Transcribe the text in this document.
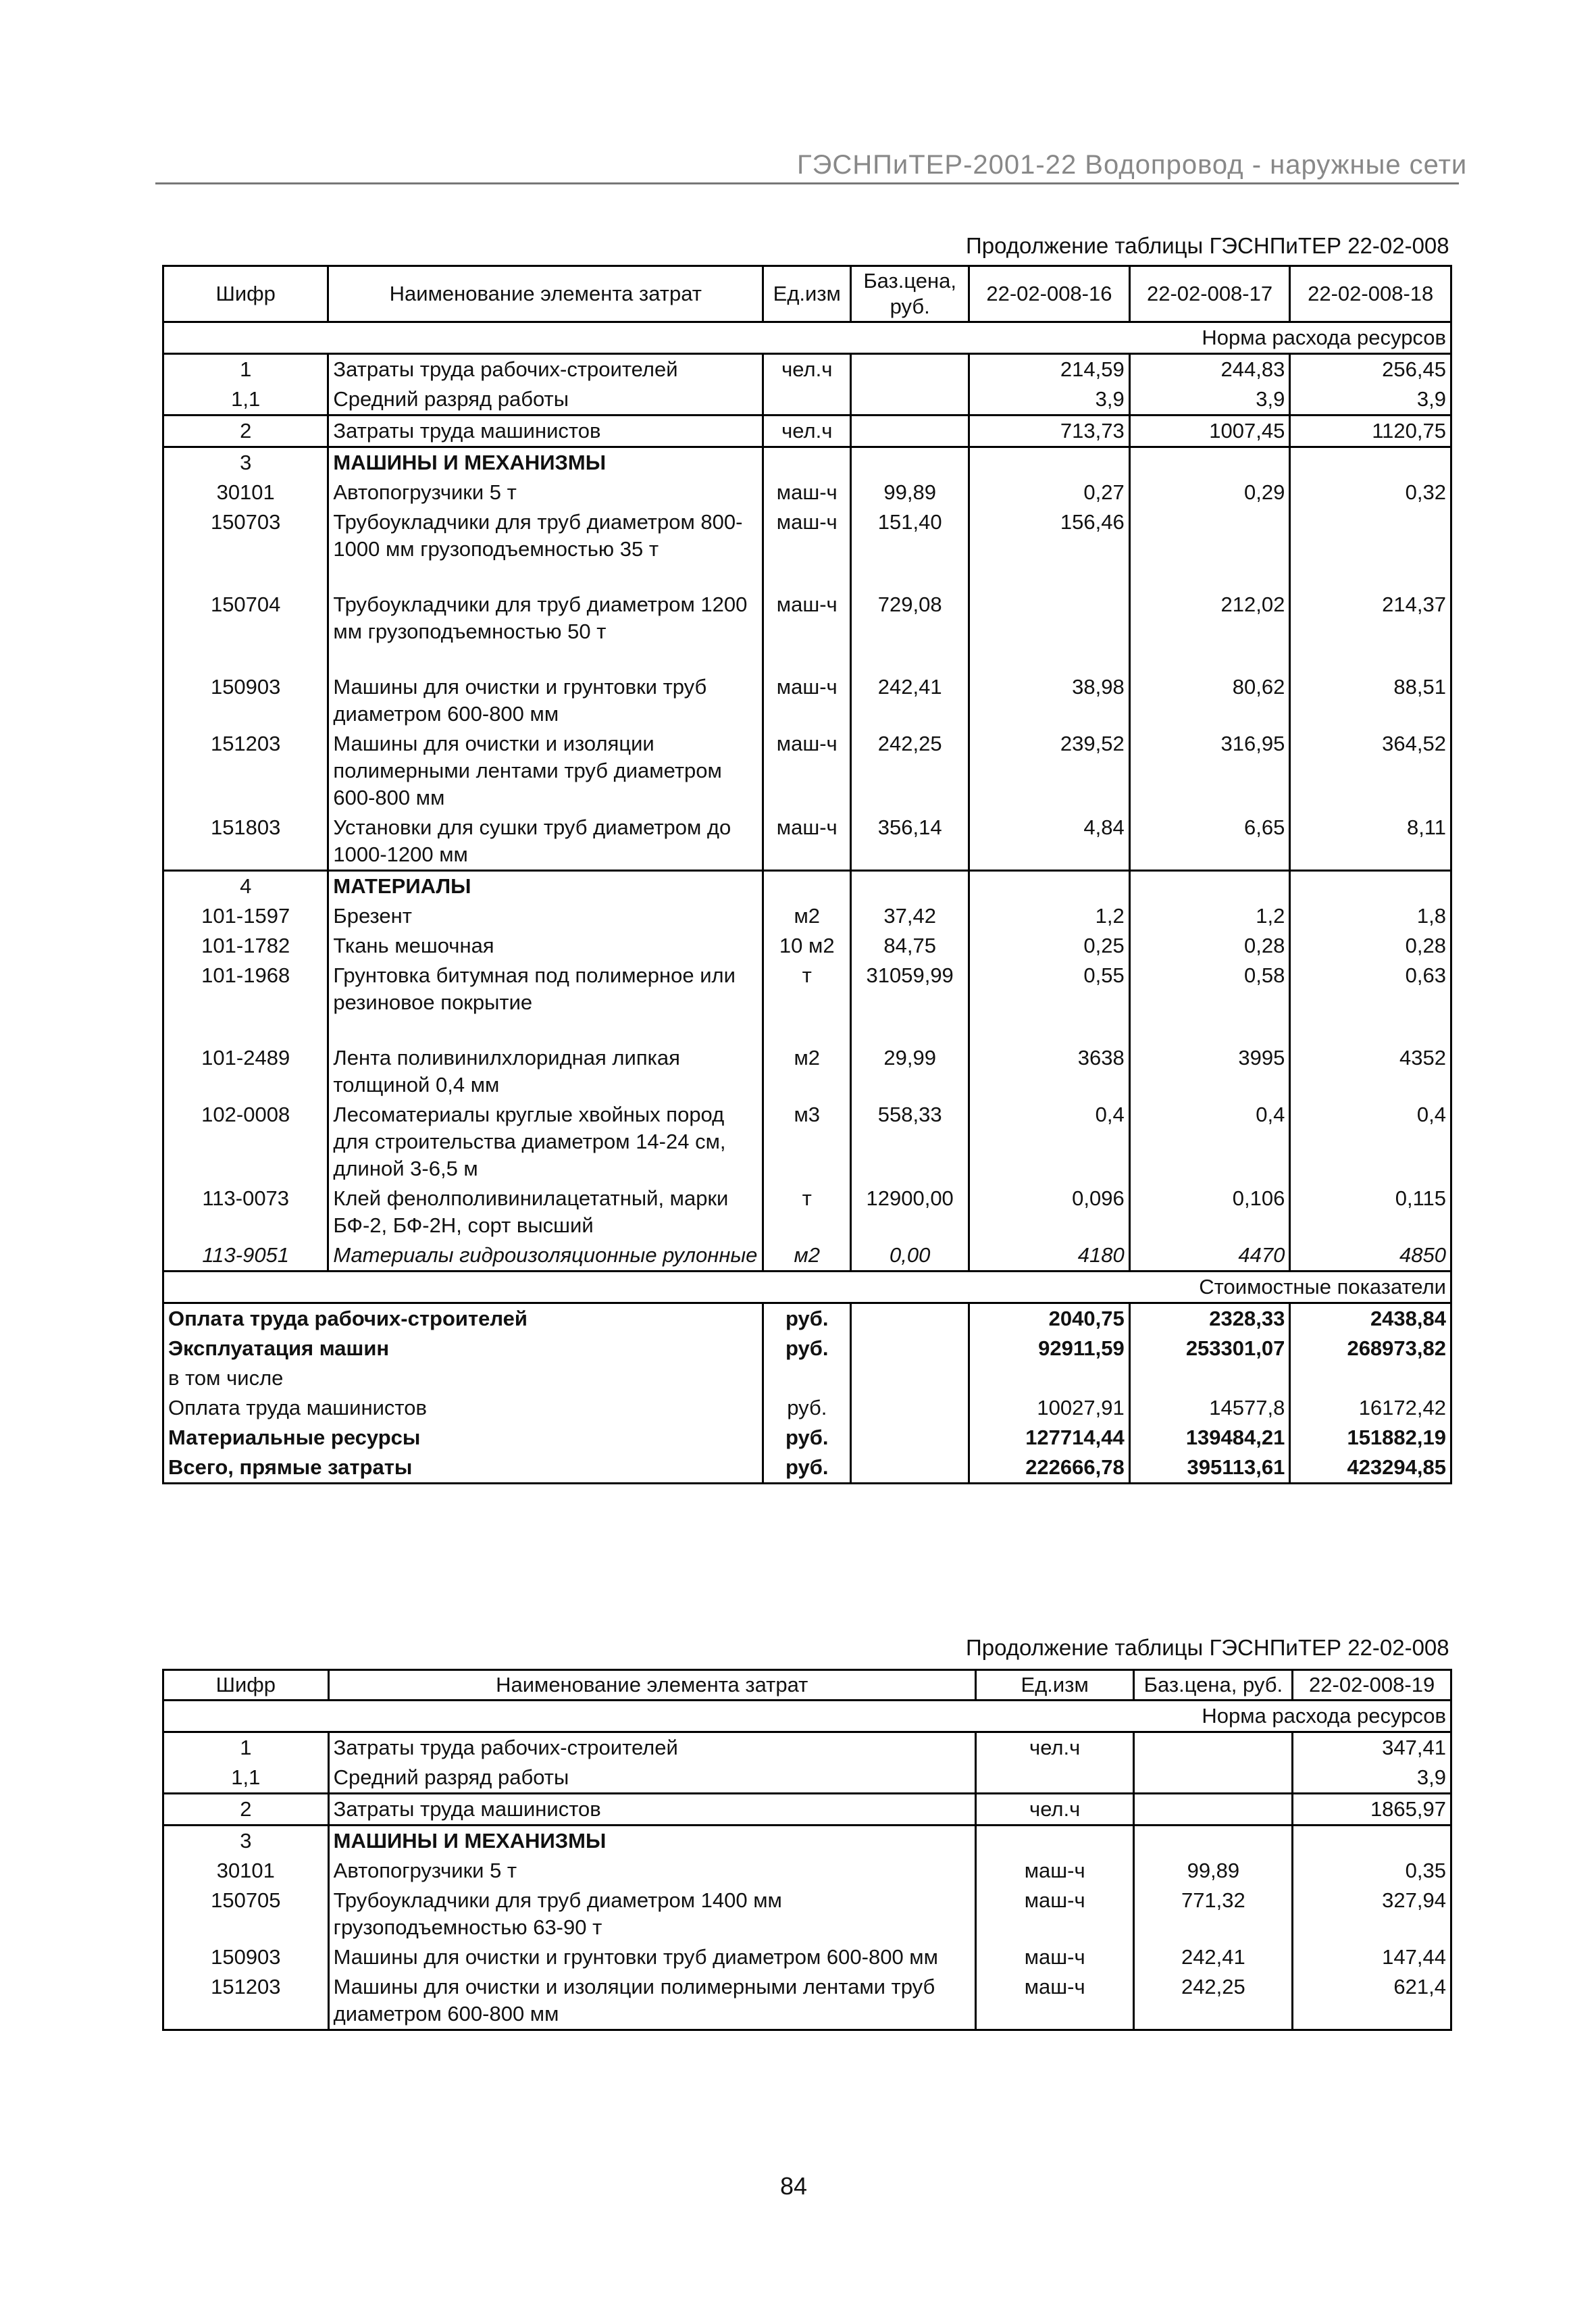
ГЭСНПиТЕР-2001-22 Водопровод - наружные сети
Продолжение таблицы ГЭСНПиТЕР 22-02-008
Шифр	Наименование элемента затрат	Ед.изм	Баз.цена, руб.	22-02-008-16	22-02-008-17	22-02-008-18
Норма расхода ресурсов						
1	Затраты труда рабочих-строителей	чел.ч		214,59	244,83	256,45
1,1	Средний разряд работы			3,9	3,9	3,9
2	Затраты труда машинистов	чел.ч		713,73	1007,45	1120,75
3	МАШИНЫ И МЕХАНИЗМЫ					
30101	Автопогрузчики 5 т	маш-ч	99,89	0,27	0,29	0,32
150703	Трубоукладчики для труб диаметром 800-1000 мм грузоподъемностью 35 т	маш-ч	151,40	156,46		
150704	Трубоукладчики для труб диаметром 1200 мм грузоподъемностью 50 т	маш-ч	729,08		212,02	214,37
150903	Машины для очистки и грунтовки труб диаметром 600-800 мм	маш-ч	242,41	38,98	80,62	88,51
151203	Машины для очистки и изоляции полимерными лентами труб диаметром 600-800 мм	маш-ч	242,25	239,52	316,95	364,52
151803	Установки для сушки труб диаметром до 1000-1200 мм	маш-ч	356,14	4,84	6,65	8,11
4	МАТЕРИАЛЫ					
101-1597	Брезент	м2	37,42	1,2	1,2	1,8
101-1782	Ткань мешочная	10 м2	84,75	0,25	0,28	0,28
101-1968	Грунтовка битумная под полимерное или резиновое покрытие	т	31059,99	0,55	0,58	0,63
101-2489	Лента поливинилхлоридная липкая толщиной 0,4 мм	м2	29,99	3638	3995	4352
102-0008	Лесоматериалы круглые хвойных пород для строительства диаметром 14-24 см, длиной 3-6,5 м	м3	558,33	0,4	0,4	0,4
113-0073	Клей фенолполивинилацетатный, марки БФ-2, БФ-2Н, сорт высший	т	12900,00	0,096	0,106	0,115
113-9051	Материалы гидроизоляционные рулонные	м2	0,00	4180	4470	4850
Стоимостные показатели						
Оплата труда рабочих-строителей		руб.		2040,75	2328,33	2438,84
Эксплуатация машин		руб.		92911,59	253301,07	268973,82
в том числе						
Оплата труда машинистов		руб.		10027,91	14577,8	16172,42
Материальные ресурсы		руб.		127714,44	139484,21	151882,19
Всего, прямые затраты		руб.		222666,78	395113,61	423294,85
Продолжение таблицы ГЭСНПиТЕР 22-02-008
Шифр	Наименование элемента затрат	Ед.изм	Баз.цена, руб.	22-02-008-19
Норма расхода ресурсов				
1	Затраты труда рабочих-строителей	чел.ч		347,41
1,1	Средний разряд работы			3,9
2	Затраты труда машинистов	чел.ч		1865,97
3	МАШИНЫ И МЕХАНИЗМЫ			
30101	Автопогрузчики 5 т	маш-ч	99,89	0,35
150705	Трубоукладчики для труб диаметром 1400 мм грузоподъемностью 63-90 т	маш-ч	771,32	327,94
150903	Машины для очистки и грунтовки труб диаметром 600-800 мм	маш-ч	242,41	147,44
151203	Машины для очистки и изоляции полимерными лентами труб диаметром 600-800 мм	маш-ч	242,25	621,4
84
